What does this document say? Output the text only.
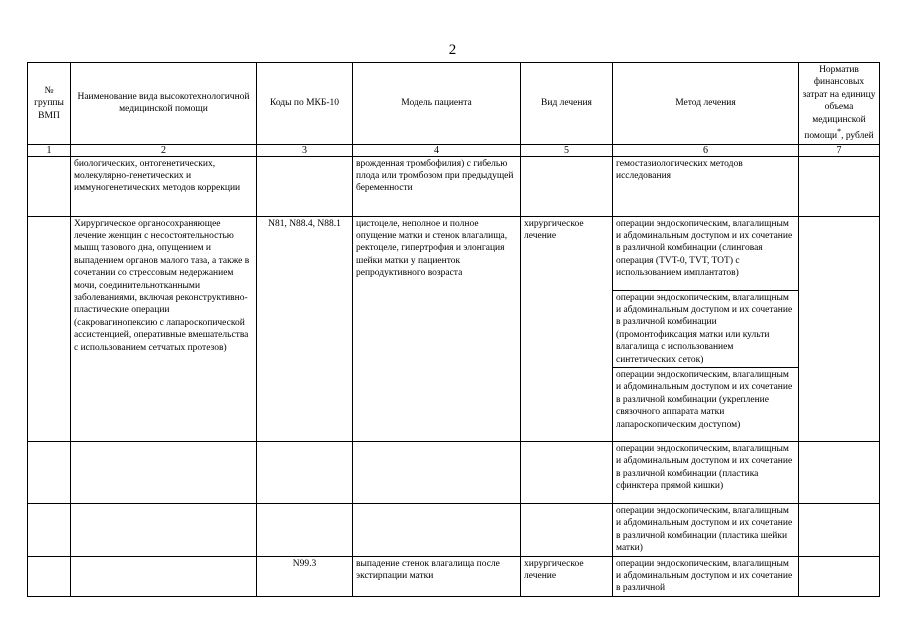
2
№ группы ВМП	Наименование вида высокотехнологичной медицинской помощи	Коды по МКБ-10	Модель пациента	Вид лечения	Метод лечения	Норматив финансовых затрат на единицу объема медицинской помощи*, рублей
1	2	3	4	5	6	7
	биологических, онтогенетических, молекулярно-генетических и иммуногенетических методов коррекции		врожденная тромбофилия) с гибелью плода или тромбозом при предыдущей беременности		гемостазиологических методов исследования	
	Хирургическое органосохраняющее лечение женщин с несостоятельностью мышц тазового дна, опущением и выпадением органов малого таза, а также в сочетании со стрессовым недержанием мочи, соединительнотканными заболеваниями, включая реконструктивно-пластические операции (сакровагинопексию с лапароскопической ассистенцией, оперативные вмешательства с использованием сетчатых протезов)	N81, N88.4, N88.1	цистоцеле, неполное и полное опущение матки и стенок влагалища, ректоцеле, гипертрофия и элонгация шейки матки у пациенток репродуктивного возраста	хирургическое лечение	операции эндоскопическим, влагалищным и абдоминальным доступом и их сочетание в различной комбинации (слинговая операция (TVT-0, TVT, TOT) с использованием имплантатов)	
					операции эндоскопическим, влагалищным и абдоминальным доступом и их сочетание в различной комбинации (промонтофиксация матки или культи влагалища с использованием синтетических сеток)	
					операции эндоскопическим, влагалищным и абдоминальным доступом и их сочетание в различной комбинации (укрепление связочного аппарата матки лапароскопическим доступом)	
					операции эндоскопическим, влагалищным и абдоминальным доступом и их сочетание в различной комбинации (пластика сфинктера прямой кишки)	
					операции эндоскопическим, влагалищным и абдоминальным доступом и их сочетание в различной комбинации (пластика шейки матки)	
		N99.3	выпадение стенок влагалища после экстирпации матки	хирургическое лечение	операции эндоскопическим, влагалищным и абдоминальным доступом и их сочетание в различной	
